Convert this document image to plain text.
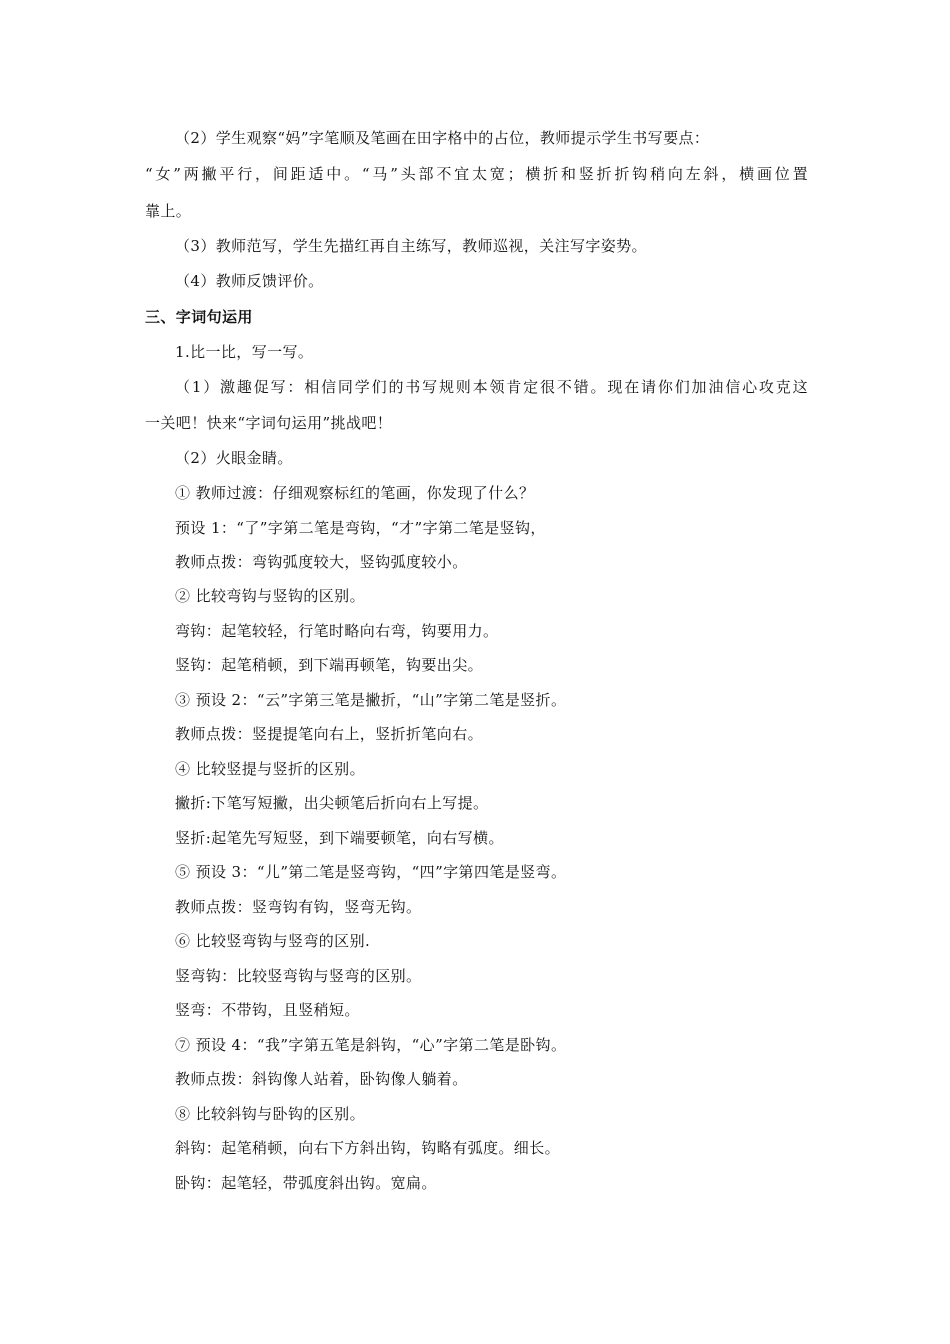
（2）学生观察“妈”字笔顺及笔画在田字格中的占位，教师提示学生书写要点：
“女”两撇平行，间距适中。“马”头部不宜太宽；横折和竖折折钩稍向左斜，横画位置
靠上。
（3）教师范写，学生先描红再自主练写，教师巡视，关注写字姿势。
（4）教师反馈评价。
三、字词句运用
1.比一比，写一写。
（1）激趣促写：相信同学们的书写规则本领肯定很不错。现在请你们加油信心攻克这
一关吧！快来“字词句运用”挑战吧！
（2）火眼金睛。
① 教师过渡：仔细观察标红的笔画，你发现了什么？
预设 1：“了”字第二笔是弯钩，“才”字第二笔是竖钩，
教师点拨：弯钩弧度较大，竖钩弧度较小。
② 比较弯钩与竖钩的区别。
弯钩：起笔较轻，行笔时略向右弯，钩要用力。
竖钩：起笔稍顿，到下端再顿笔，钩要出尖。
③ 预设 2：“云”字第三笔是撇折，“山”字第二笔是竖折。
教师点拨：竖提提笔向右上，竖折折笔向右。
④ 比较竖提与竖折的区别。
撇折:下笔写短撇，出尖顿笔后折向右上写提。
竖折:起笔先写短竖，到下端要顿笔，向右写横。
⑤ 预设 3：“儿”第二笔是竖弯钩，“四”字第四笔是竖弯。
教师点拨：竖弯钩有钩，竖弯无钩。
⑥ 比较竖弯钩与竖弯的区别.
竖弯钩：比较竖弯钩与竖弯的区别。
竖弯：不带钩，且竖稍短。
⑦ 预设 4：“我”字第五笔是斜钩，“心”字第二笔是卧钩。
教师点拨：斜钩像人站着，卧钩像人躺着。
⑧ 比较斜钩与卧钩的区别。
斜钩：起笔稍顿，向右下方斜出钩，钩略有弧度。细长。
卧钩：起笔轻，带弧度斜出钩。宽扁。
